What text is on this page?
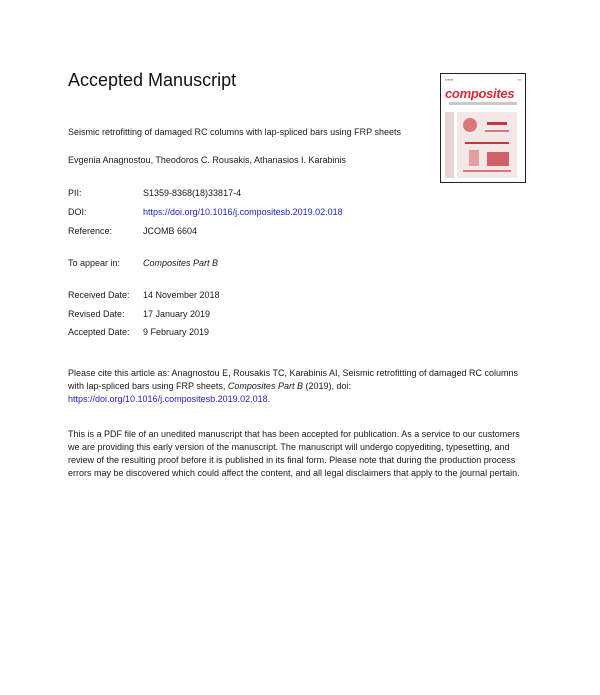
Accepted Manuscript	▪▪▪▪▪▪	▪▪
composites
Seismic retrofitting of damaged RC columns with lap-spliced bars using FRP sheets
Evgenia Anagnostou, Theodoros C. Rousakis, Athanasios I. Karabinis
PII:	S1359-8368(18)33817-4
DOI:	https://doi.org/10.1016/j.compositesb.2019.02.018
Reference:	JCOMB 6604
To appear in:	Composites Part B
Received Date: 14 November 2018
Revised Date: 17 January 2019
Accepted Date: 9 February 2019
Please cite this article as: Anagnostou E, Rousakis TC, Karabinis AI, Seismic retrofitting of damaged RC columns with lap-spliced bars using FRP sheets, Composites Part B (2019), doi: https://doi.org/10.1016/j.compositesb.2019.02.018.
This is a PDF file of an unedited manuscript that has been accepted for publication. As a service to our customers we are providing this early version of the manuscript. The manuscript will undergo copyediting, typesetting, and review of the resulting proof before it is published in its final form. Please note that during the production process errors may be discovered which could affect the content, and all legal disclaimers that apply to the journal pertain.
